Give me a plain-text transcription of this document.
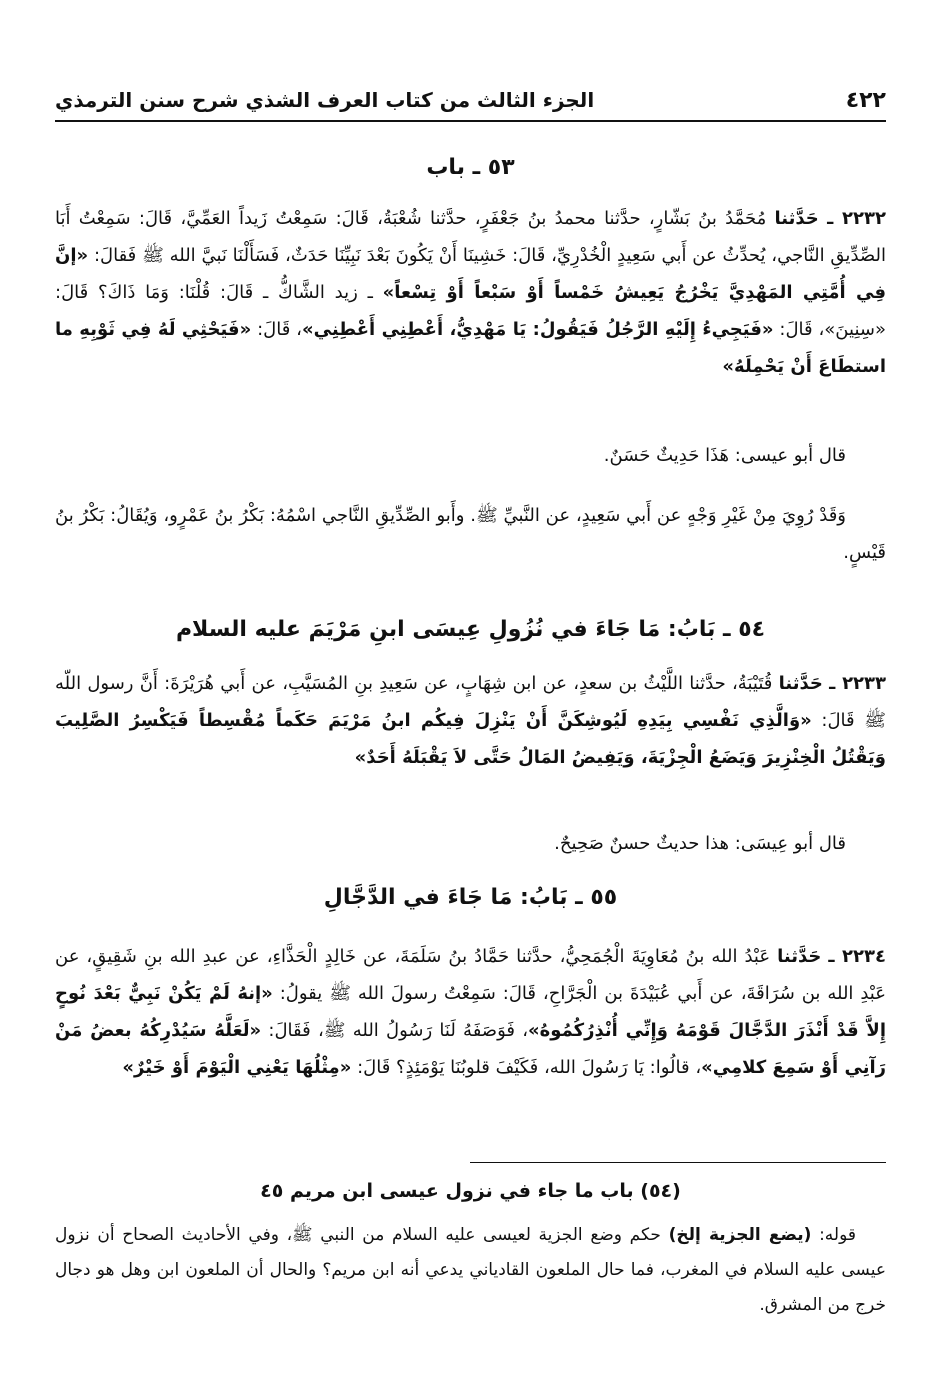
٤٢٢
الجزء الثالث من كتاب العرف الشذي شرح سنن الترمذي
٥٣ ـ باب
٢٢٣٢ ـ حَدَّثنا مُحَمَّدُ بنُ بَشّارٍ، حدَّثنا محمدُ بنُ جَعْفَرٍ، حدَّثنا شُعْبَةُ، قَالَ: سَمِعْتُ زَيداً العَمِّيَّ، قَالَ: سَمِعْتُ أَبَا الصِّدِّيقِ النَّاجي، يُحدِّثُ عن أَبي سَعِيدٍ الْخُدْرِيِّ، قَالَ: خَشِينَا أَنْ يَكُونَ بَعْدَ نَبِيِّنَا حَدَثٌ، فَسَأَلْنَا نَبيَّ الله ﷺ فَقالَ: «إنَّ فِي أُمَّتِي المَهْدِيَّ يَخْرُجُ يَعِيشُ خَمْساً أَوْ سَبْعاً أَوْ تِسْعاً» ـ زيد الشَّاكُّ ـ قَالَ: قُلْنَا: وَمَا ذَاكَ؟ قَالَ: «سِنِينَ»، قَالَ: «فَيَجِيءُ إِلَيْهِ الرَّجُلُ فَيَقُولُ: يَا مَهْدِيُّ، أَعْطِنِي أَعْطِنِي»، قَالَ: «فَيَحْثِي لَهُ فِي ثَوْبِهِ ما استطَاعَ أَنْ يَحْمِلَهُ»
قال أبو عيسى: هَذَا حَدِيثٌ حَسَنٌ.
وَقَدْ رُوِيَ مِنْ غَيْرِ وَجْهٍ عن أَبي سَعِيدٍ، عن النَّبيِّ ﷺ. وأَبو الصِّدِّيقِ النَّاجي اسْمُهُ: بَكْرُ بنُ عَمْرٍو، وَيُقَالُ: بَكْرُ بنُ قَيْسٍ.
٥٤ ـ بَابُ: مَا جَاءَ في نُزُولِ عِيسَى ابنِ مَرْيَمَ عليه السلام
٢٢٣٣ ـ حَدَّثنا قُتَيْبَةُ، حدَّثنا اللَّيْثُ بن سعدٍ، عن ابن شِهَابٍ، عن سَعِيدِ بنِ المُسَيَّبِ، عن أَبي هُرَيْرَةَ: أَنَّ رسول اللّه ﷺ قَالَ: «وَالَّذِي نَفْسِي بِيَدِهِ لَيُوشِكَنَّ أَنْ يَنْزِلَ فِيكُم ابنُ مَرْيَمَ حَكَماً مُقْسِطاً فَيَكْسِرُ الصَّلِيبَ وَيَقْتُلُ الْخِنْزِيرَ وَيَضَعُ الْجِزْيَةَ، وَيَفِيضُ المَالُ حَتَّى لاَ يَقْبَلَهُ أَحَدٌ»
قال أبو عِيسَى: هذا حديثٌ حسنٌ صَحِيحٌ.
٥٥ ـ بَابُ: مَا جَاءَ في الدَّجَّالِ
٢٢٣٤ ـ حَدَّثنا عَبْدُ الله بنُ مُعَاوِيَةَ الْجُمَحِيُّ، حدَّثنا حَمَّادُ بنُ سَلَمَةَ، عن خَالِدٍ الْحَذَّاءِ، عن عبدِ الله بنِ شَقِيقٍ، عن عَبْدِ الله بن سُرَاقَةَ، عن أَبي عُبَيْدَةَ بن الْجَرَّاحِ، قَالَ: سَمِعْتُ رسولَ الله ﷺ يقولُ: «إنهُ لَمْ يَكُنْ نَبِيٌّ بَعْدَ نُوحٍ إِلاَّ قَدْ أَنْذَرَ الدَّجَّالَ قَوْمَهُ وَإِنِّي أُنْذِرُكُمُوهُ»، فَوَصَفَهُ لَنَا رَسُولُ الله ﷺ، فَقَالَ: «لَعَلَّهُ سَيُدْرِكُهُ بعضُ مَنْ رَآنِي أَوْ سَمِعَ كلامِي»، قالُوا: يَا رَسُولَ الله، فَكَيْفَ قلوبُنَا يَوْمَئِذٍ؟ قَالَ: «مِثْلُهَا يَعْنِي الْيَوْمَ أَوْ خَيْرٌ»
(٥٤) باب ما جاء في نزول عيسى ابن مريم ٤٥
قوله: (يضع الجزية إلخ) حكم وضع الجزية لعيسى عليه السلام من النبي ﷺ، وفي الأحاديث الصحاح أن نزول عيسى عليه السلام في المغرب، فما حال الملعون القادياني يدعي أنه ابن مريم؟ والحال أن الملعون ابن وهل هو دجال خرج من المشرق.
